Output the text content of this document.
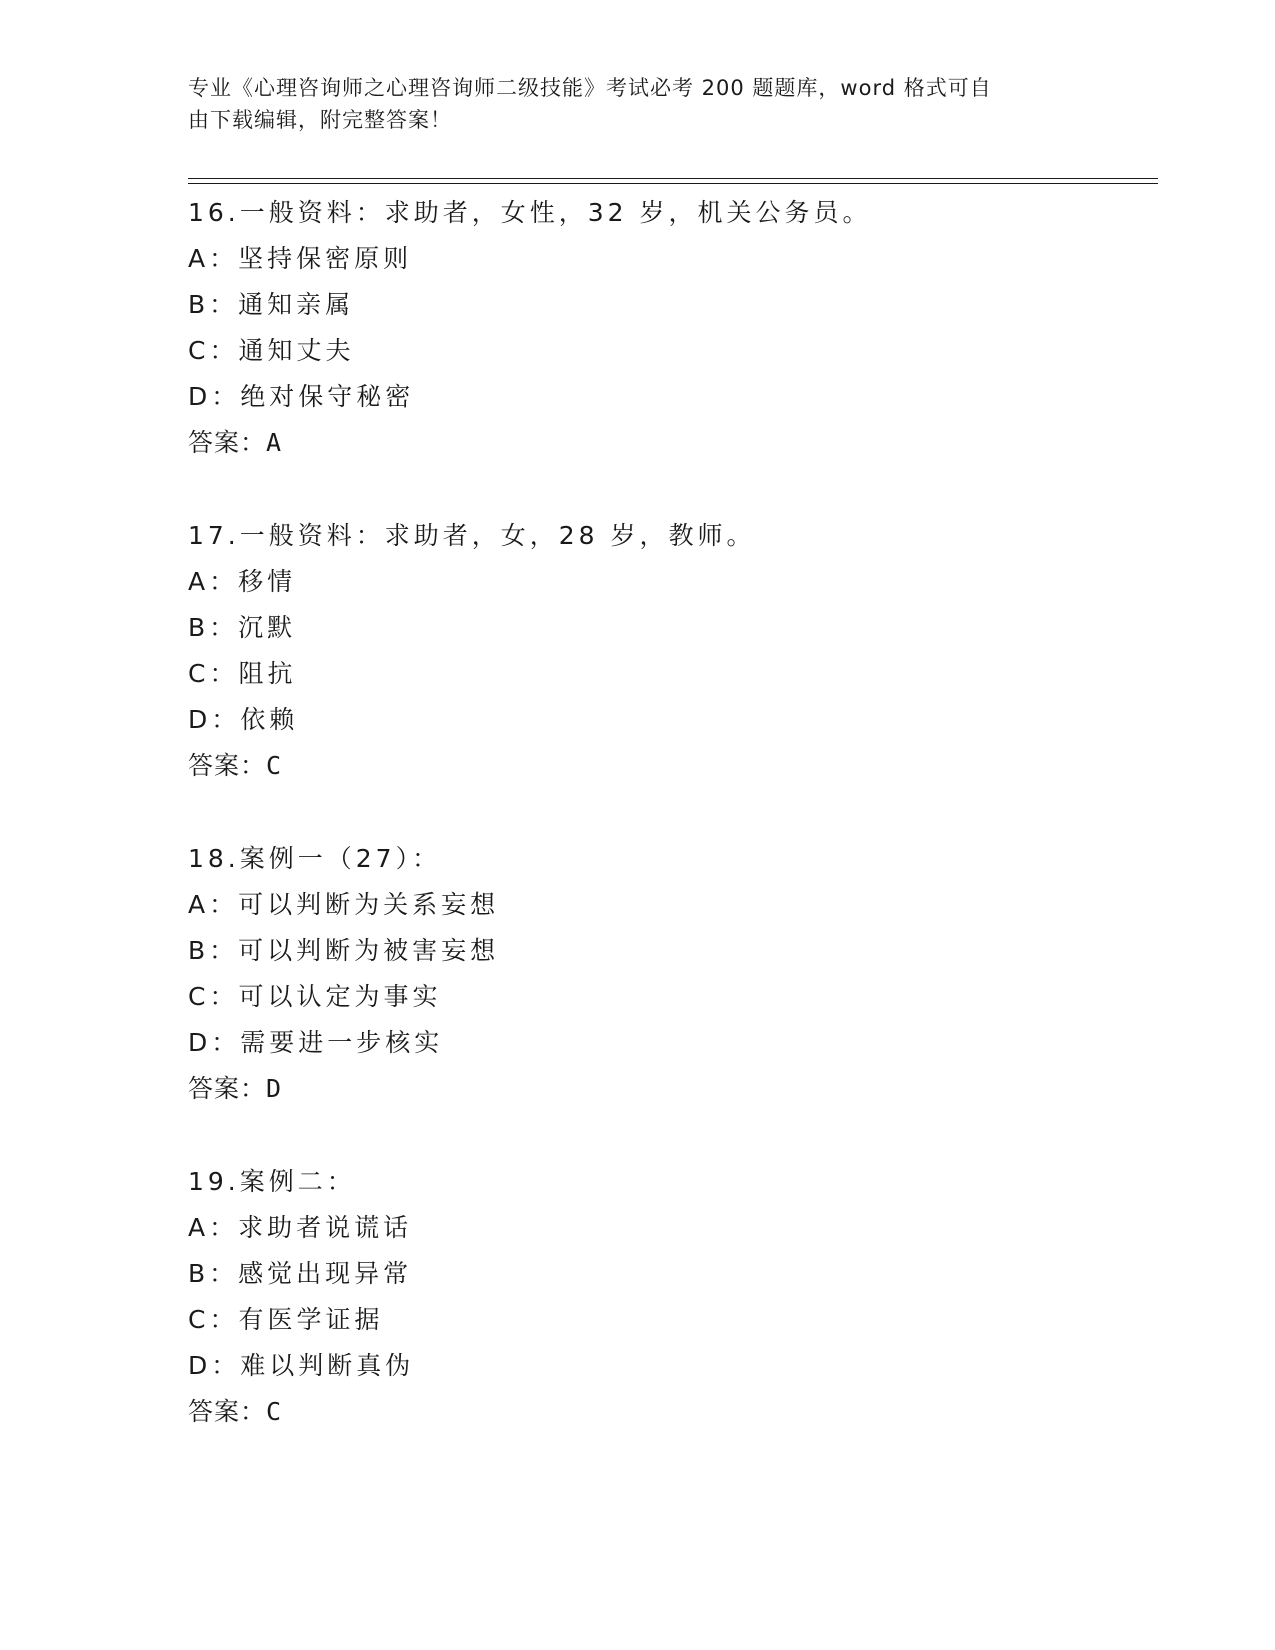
专业《心理咨询师之心理咨询师二级技能》考试必考 200 题题库，word 格式可自
由下载编辑，附完整答案！
16.一般资料：求助者，女性，32 岁，机关公务员。
A：坚持保密原则
B：通知亲属
C：通知丈夫
D：绝对保守秘密
答案：A
17.一般资料：求助者，女，28 岁，教师。
A：移情
B：沉默
C：阻抗
D：依赖
答案：C
18.案例一（27）：
A：可以判断为关系妄想
B：可以判断为被害妄想
C：可以认定为事实
D：需要进一步核实
答案：D
19.案例二：
A：求助者说谎话
B：感觉出现异常
C：有医学证据
D：难以判断真伪
答案：C
